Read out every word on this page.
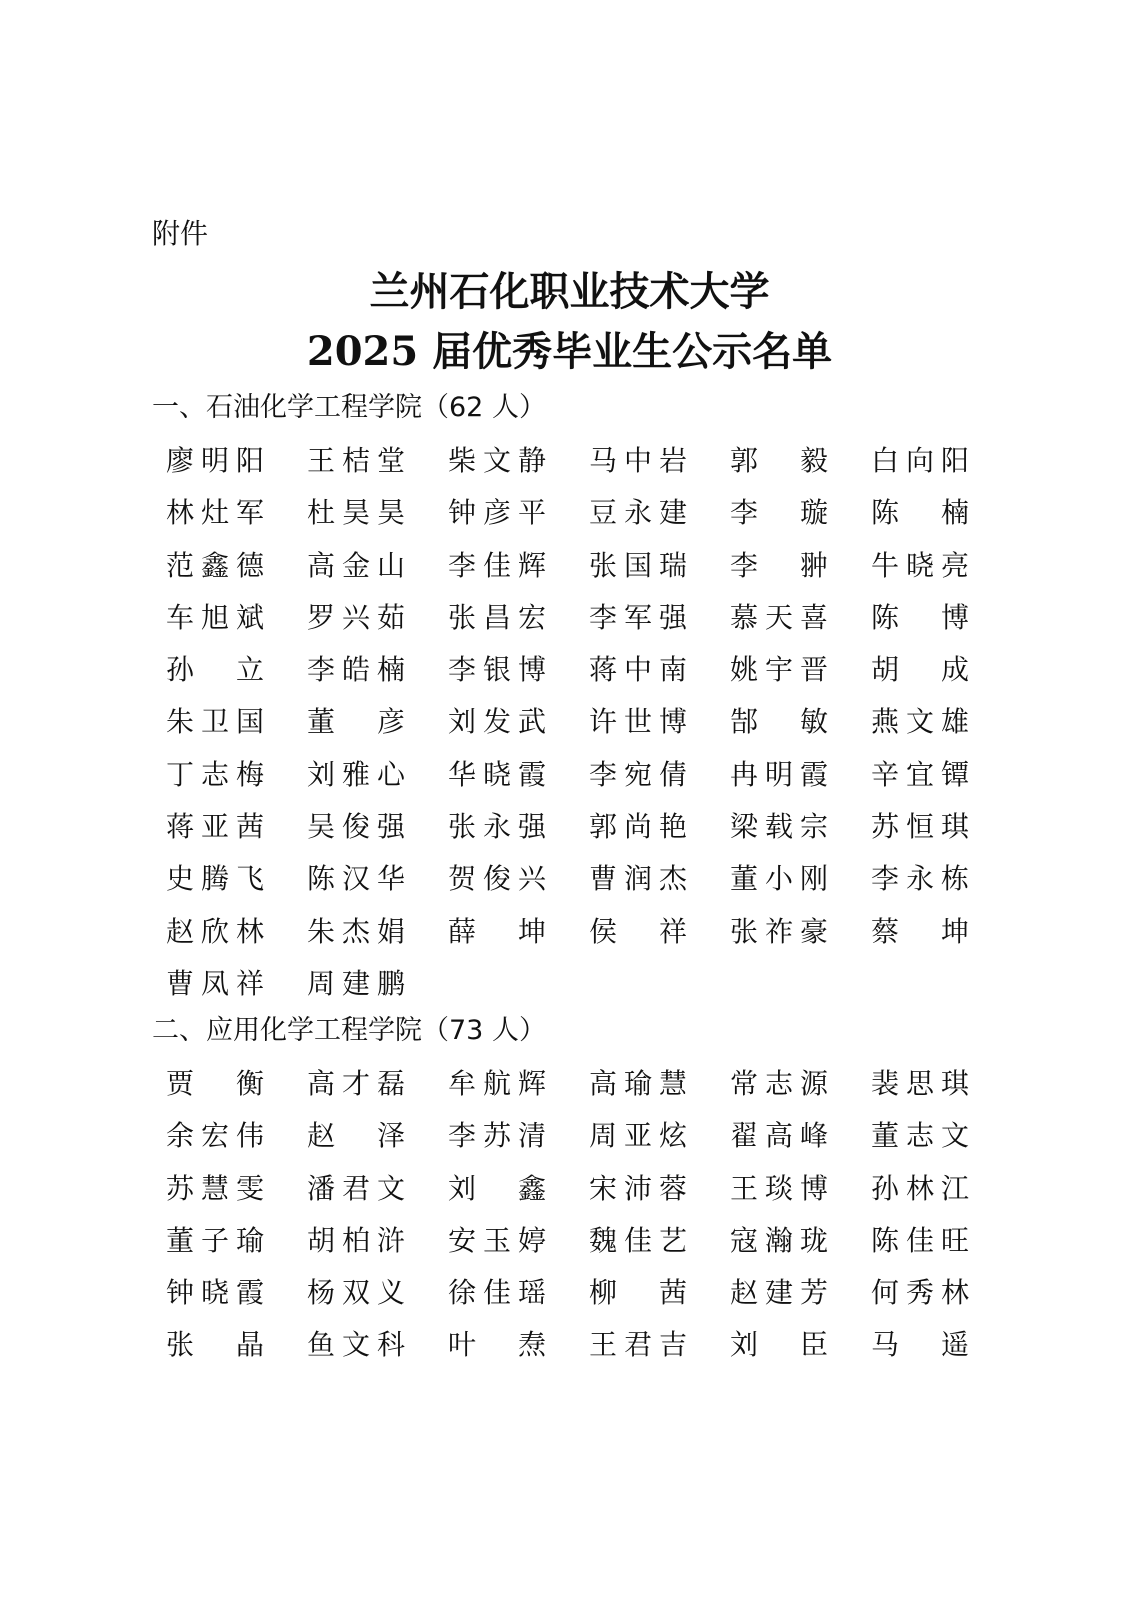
附件
兰州石化职业技术大学
2025 届优秀毕业生公示名单
一、石油化学工程学院（62 人）
廖明阳 王桔堂 柴文静 马中岩 郭 毅 白向阳
林灶军 杜昊昊 钟彦平 豆永建 李 璇 陈 楠
范鑫德 高金山 李佳辉 张国瑞 李 翀 牛晓亮
车旭斌 罗兴茹 张昌宏 李军强 慕天喜 陈 博
孙 立 李皓楠 李银博 蒋中南 姚宇晋 胡 成
朱卫国 董 彦 刘发武 许世博 郜 敏 燕文雄
丁志梅 刘雅心 华晓霞 李宛倩 冉明霞 辛宜镡
蒋亚茜 吴俊强 张永强 郭尚艳 梁载宗 苏恒琪
史腾飞 陈汉华 贺俊兴 曹润杰 董小刚 李永栋
赵欣林 朱杰娟 薛 坤 侯 祥 张祚豪 蔡 坤
曹凤祥 周建鹏
二、应用化学工程学院（73 人）
贾 衡 高才磊 牟航辉 高瑜慧 常志源 裴思琪
余宏伟 赵 泽 李苏清 周亚炫 翟高峰 董志文
苏慧雯 潘君文 刘 鑫 宋沛蓉 王琰博 孙林江
董子瑜 胡柏浒 安玉婷 魏佳艺 寇瀚珑 陈佳旺
钟晓霞 杨双义 徐佳瑶 柳 茜 赵建芳 何秀林
张 晶 鱼文科 叶 焘 王君吉 刘 臣 马 遥
